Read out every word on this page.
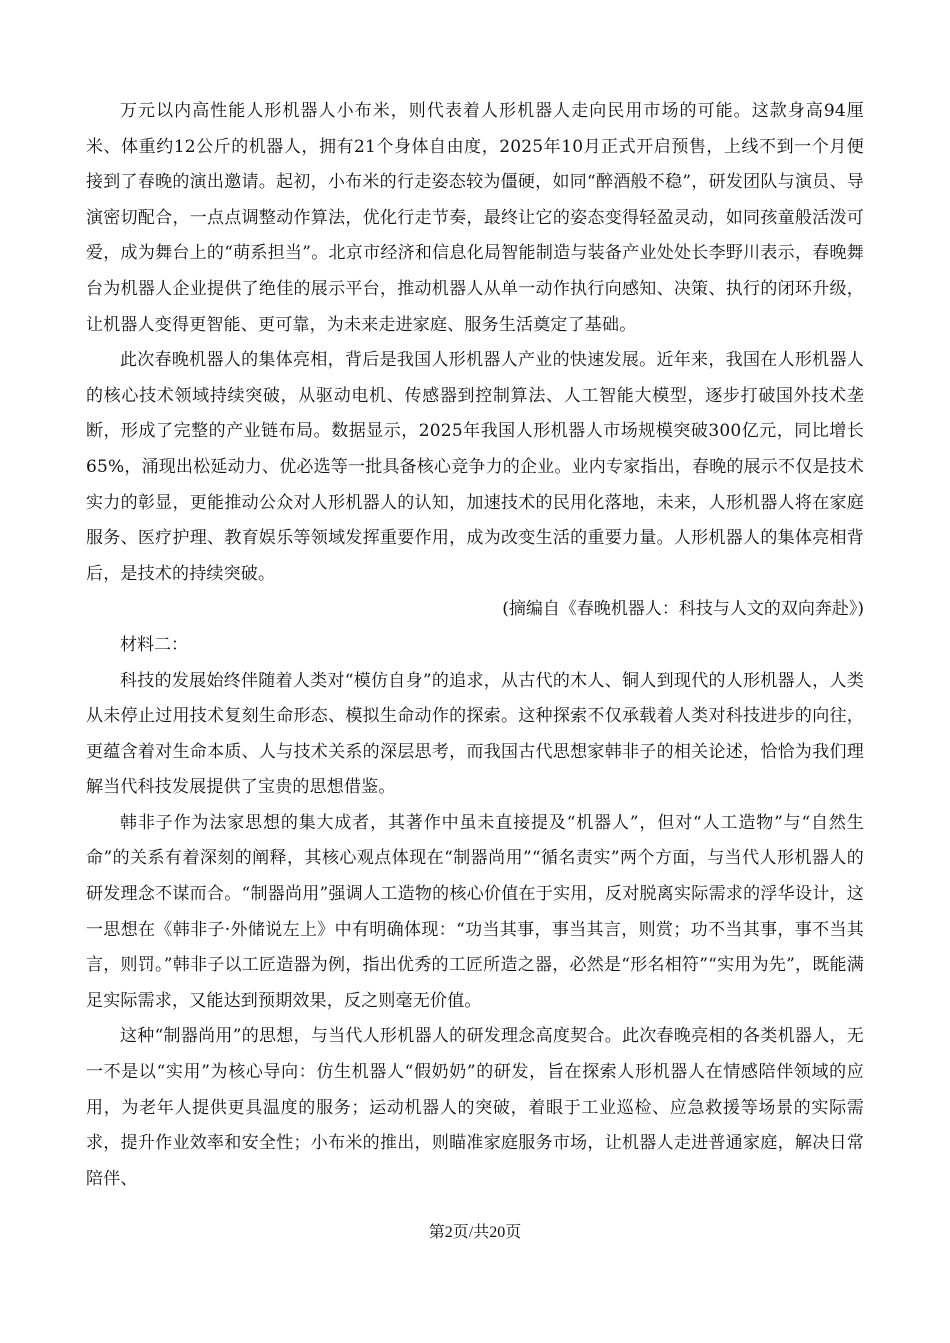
万元以内高性能人形机器人小布米，则代表着人形机器人走向民用市场的可能。这款身高94厘米、体重约12公斤的机器人，拥有21个身体自由度，2025年10月正式开启预售，上线不到一个月便接到了春晚的演出邀请。起初，小布米的行走姿态较为僵硬，如同“醉酒般不稳”，研发团队与演员、导演密切配合，一点点调整动作算法，优化行走节奏，最终让它的姿态变得轻盈灵动，如同孩童般活泼可爱，成为舞台上的“萌系担当”。北京市经济和信息化局智能制造与装备产业处处长李野川表示，春晚舞台为机器人企业提供了绝佳的展示平台，推动机器人从单一动作执行向感知、决策、执行的闭环升级，让机器人变得更智能、更可靠，为未来走进家庭、服务生活奠定了基础。

此次春晚机器人的集体亮相，背后是我国人形机器人产业的快速发展。近年来，我国在人形机器人的核心技术领域持续突破，从驱动电机、传感器到控制算法、人工智能大模型，逐步打破国外技术垄断，形成了完整的产业链布局。数据显示，2025年我国人形机器人市场规模突破300亿元，同比增长65%，涌现出松延动力、优必选等一批具备核心竞争力的企业。业内专家指出，春晚的展示不仅是技术实力的彰显，更能推动公众对人形机器人的认知，加速技术的民用化落地，未来，人形机器人将在家庭服务、医疗护理、教育娱乐等领域发挥重要作用，成为改变生活的重要力量。人形机器人的集体亮相背后，是技术的持续突破。

(摘编自《春晚机器人：科技与人文的双向奔赴》)

材料二：

科技的发展始终伴随着人类对“模仿自身”的追求，从古代的木人、铜人到现代的人形机器人，人类从未停止过用技术复刻生命形态、模拟生命动作的探索。这种探索不仅承载着人类对科技进步的向往，更蕴含着对生命本质、人与技术关系的深层思考，而我国古代思想家韩非子的相关论述，恰恰为我们理解当代科技发展提供了宝贵的思想借鉴。

韩非子作为法家思想的集大成者，其著作中虽未直接提及“机器人”，但对“人工造物”与“自然生命”的关系有着深刻的阐释，其核心观点体现在“制器尚用”“循名责实”两个方面，与当代人形机器人的研发理念不谋而合。“制器尚用”强调人工造物的核心价值在于实用，反对脱离实际需求的浮华设计，这一思想在《韩非子·外储说左上》中有明确体现：“功当其事，事当其言，则赏；功不当其事，事不当其言，则罚。”韩非子以工匠造器为例，指出优秀的工匠所造之器，必然是“形名相符”“实用为先”，既能满足实际需求，又能达到预期效果，反之则毫无价值。

这种“制器尚用”的思想，与当代人形机器人的研发理念高度契合。此次春晚亮相的各类机器人，无一不是以“实用”为核心导向：仿生机器人“假奶奶”的研发，旨在探索人形机器人在情感陪伴领域的应用，为老年人提供更具温度的服务；运动机器人的突破，着眼于工业巡检、应急救援等场景的实际需求，提升作业效率和安全性；小布米的推出，则瞄准家庭服务市场，让机器人走进普通家庭，解决日常陪伴、

第2页/共20页
